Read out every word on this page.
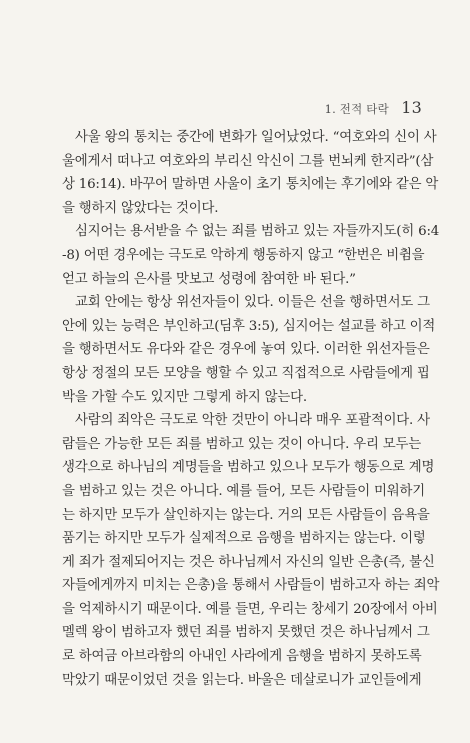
1. 전적 타락 13

사울 왕의 통치는 중간에 변화가 일어났었다. “여호와의 신이 사
울에게서 떠나고 여호와의 부리신 악신이 그를 번뇌케 한지라”(삼
상 16:14). 바꾸어 말하면 사울이 초기 통치에는 후기에와 같은 악
을 행하지 않았다는 것이다.

심지어는 용서받을 수 없는 죄를 범하고 있는 자들까지도(히 6:4
-8) 어떤 경우에는 극도로 악하게 행동하지 않고 “한번은 비췸을
얻고 하늘의 은사를 맛보고 성령에 참여한 바 된다.”

교회 안에는 항상 위선자들이 있다. 이들은 선을 행하면서도 그
안에 있는 능력은 부인하고(딤후 3:5), 심지어는 설교를 하고 이적
을 행하면서도 유다와 같은 경우에 놓여 있다. 이러한 위선자들은
항상 정절의 모든 모양을 행할 수 있고 직접적으로 사람들에게 핍
박을 가할 수도 있지만 그렇게 하지 않는다.

사람의 죄악은 극도로 악한 것만이 아니라 매우 포괄적이다. 사
람들은 가능한 모든 죄를 범하고 있는 것이 아니다. 우리 모두는
생각으로 하나님의 계명들을 범하고 있으나 모두가 행동으로 계명
을 범하고 있는 것은 아니다. 예를 들어, 모든 사람들이 미워하기
는 하지만 모두가 살인하지는 않는다. 거의 모든 사람들이 음욕을
품기는 하지만 모두가 실제적으로 음행을 범하지는 않는다. 이렇
게 죄가 절제되어지는 것은 하나님께서 자신의 일반 은총(즉, 불신
자들에게까지 미치는 은총)을 통해서 사람들이 범하고자 하는 죄악
을 억제하시기 때문이다. 예를 들면, 우리는 창세기 20장에서 아비
멜렉 왕이 범하고자 했던 죄를 범하지 못했던 것은 하나님께서 그
로 하여금 아브라함의 아내인 사라에게 음행을 범하지 못하도록
막았기 때문이었던 것을 읽는다. 바울은 데살로니가 교인들에게
